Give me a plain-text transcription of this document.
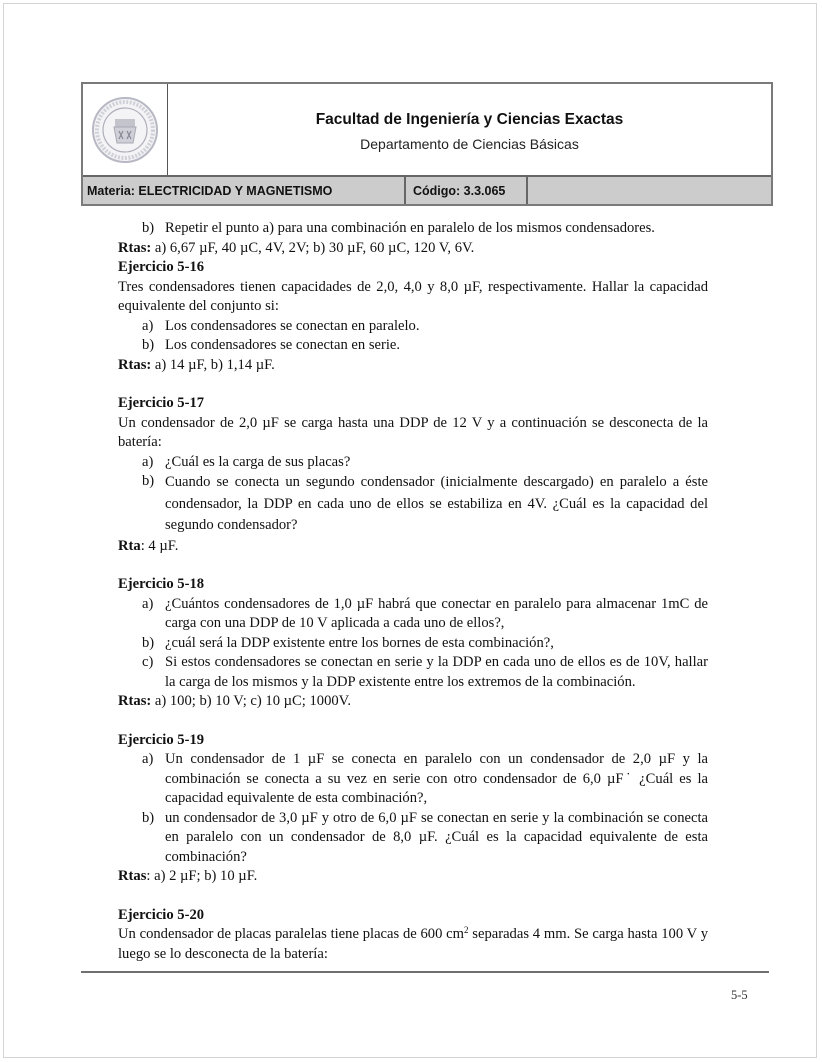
Facultad de Ingeniería y Ciencias Exactas
Departamento de Ciencias Básicas
Materia: ELECTRICIDAD Y MAGNETISMO	Código: 3.3.065
b) Repetir el punto a) para una combinación en paralelo de los mismos condensadores.

Rtas: a) 6,67 µF, 40 µC, 4V, 2V; b) 30 µF, 60 µC, 120 V, 6V.

Ejercicio 5-16

Tres condensadores tienen capacidades de 2,0, 4,0 y 8,0 µF, respectivamente. Hallar la capacidad equivalente del conjunto si:

a) Los condensadores se conectan en paralelo.
b) Los condensadores se conectan en serie.

Rtas: a) 14 µF, b) 1,14 µF.

Ejercicio 5-17

Un condensador de 2,0 µF se carga hasta una DDP de 12 V y a continuación se desconecta de la batería:

a) ¿Cuál es la carga de sus placas?
b) Cuando se conecta un segundo condensador (inicialmente descargado) en paralelo a éste condensador, la DDP en cada uno de ellos se estabiliza en 4V. ¿Cuál es la capacidad del segundo condensador?

Rta: 4 µF.

Ejercicio 5-18

a) ¿Cuántos condensadores de 1,0 µF habrá que conectar en paralelo para almacenar 1mC de carga con una DDP de 10 V aplicada a cada uno de ellos?,
b) ¿cuál será la DDP existente entre los bornes de esta combinación?,
c) Si estos condensadores se conectan en serie y la DDP en cada uno de ellos es de 10V, hallar la carga de los mismos y la DDP existente entre los extremos de la combinación.

Rtas: a) 100; b) 10 V; c) 10 µC; 1000V.

Ejercicio 5-19

a) Un condensador de 1 µF se conecta en paralelo con un condensador de 2,0 µF y la combinación se conecta a su vez en serie con otro condensador de 6,0 µF˙ ¿Cuál es la capacidad equivalente de esta combinación?,
b) un condensador de 3,0 µF y otro de 6,0 µF se conectan en serie y la combinación se conecta en paralelo con un condensador de 8,0 µF. ¿Cuál es la capacidad equivalente de esta combinación?

Rtas: a) 2 µF; b) 10 µF.

Ejercicio 5-20

Un condensador de placas paralelas tiene placas de 600 $cm^2$ separadas 4 mm. Se carga hasta 100 V y luego se lo desconecta de la batería:

5-5
